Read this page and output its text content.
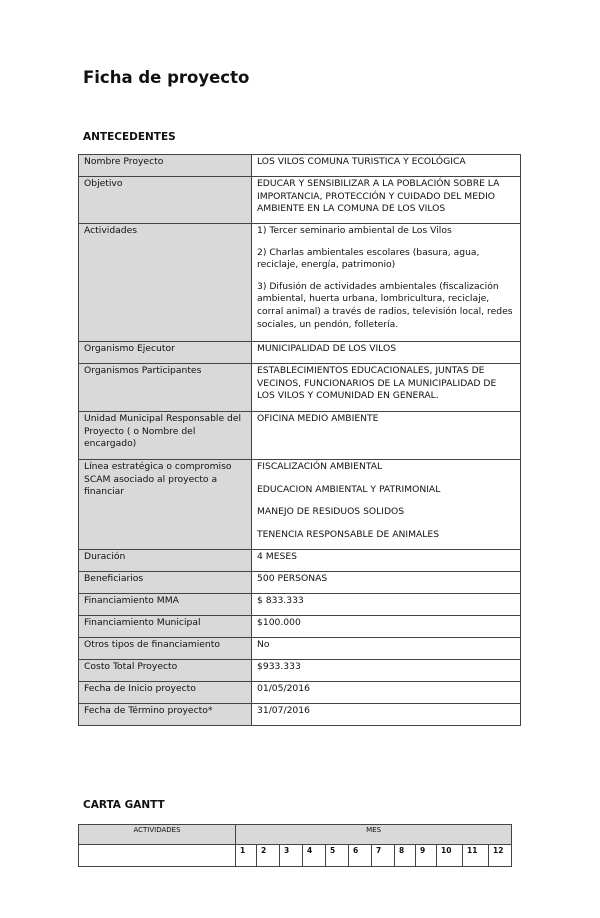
Ficha de proyecto
ANTECEDENTES
Nombre Proyecto	LOS VILOS COMUNA TURISTICA Y ECOLÓGICA
Objetivo	EDUCAR Y SENSIBILIZAR A LA POBLACIÓN SOBRE LA IMPORTANCIA, PROTECCIÓN Y CUIDADO DEL MEDIO AMBIENTE EN LA COMUNA DE LOS VILOS
Actividades	1) Tercer seminario ambiental de Los Vilos

2) Charlas ambientales escolares (basura, agua, reciclaje, energía, patrimonio)

3) Difusión de actividades ambientales (fiscalización ambiental, huerta urbana, lombricultura, reciclaje, corral animal) a través de radios, televisión local, redes sociales, un pendón, folletería.

Organismo Ejecutor	MUNICIPALIDAD DE LOS VILOS
Organismos Participantes	ESTABLECIMIENTOS EDUCACIONALES, JUNTAS DE VECINOS, FUNCIONARIOS DE LA MUNICIPALIDAD DE LOS VILOS Y COMUNIDAD EN GENERAL.
Unidad Municipal Responsable del Proyecto ( o Nombre del encargado)	OFICINA MEDIO AMBIENTE
Línea estratégica o compromiso SCAM asociado al proyecto a financiar	FISCALIZACIÓN AMBIENTAL

EDUCACION AMBIENTAL Y PATRIMONIAL

MANEJO DE RESIDUOS SOLIDOS

TENENCIA RESPONSABLE DE ANIMALES

Duración	4 MESES
Beneficiarios	500 PERSONAS
Financiamiento MMA	$ 833.333
Financiamiento Municipal	$100.000
Otros tipos de financiamiento	No
Costo Total Proyecto	$933.333
Fecha de Inicio proyecto	01/05/2016
Fecha de Término proyecto*	31/07/2016
CARTA GANTT
ACTIVIDADES	MES											
	1	2	3	4	5	6	7	8	9	10	11	12
